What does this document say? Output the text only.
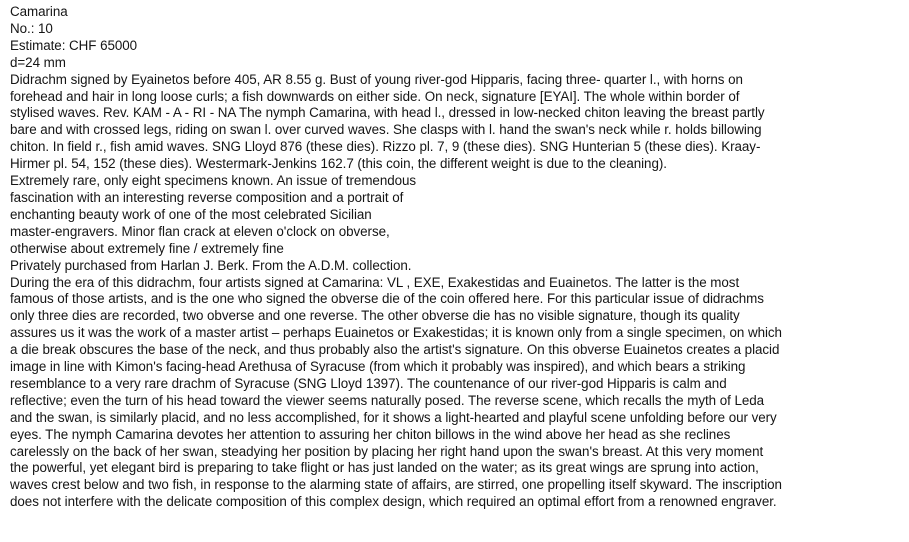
Camarina
No.: 10
Estimate: CHF 65000
d=24 mm
Didrachm signed by Eyainetos before 405, AR 8.55 g. Bust of young river-god Hipparis, facing three- quarter l., with horns on
forehead and hair in long loose curls; a fish downwards on either side. On neck, signature [EYAI]. The whole within border of
stylised waves. Rev. KAM - A - RI - NA The nymph Camarina, with head l., dressed in low-necked chiton leaving the breast partly
bare and with crossed legs, riding on swan l. over curved waves. She clasps with l. hand the swan's neck while r. holds billowing
chiton. In field r., fish amid waves. SNG Lloyd 876 (these dies). Rizzo pl. 7, 9 (these dies). SNG Hunterian 5 (these dies). Kraay-
Hirmer pl. 54, 152 (these dies). Westermark-Jenkins 162.7 (this coin, the different weight is due to the cleaning).
Extremely rare, only eight specimens known. An issue of tremendous
fascination with an interesting reverse composition and a portrait of
enchanting beauty work of one of the most celebrated Sicilian
master-engravers. Minor flan crack at eleven o'clock on obverse,
otherwise about extremely fine / extremely fine
Privately purchased from Harlan J. Berk. From the A.D.M. collection.
During the era of this didrachm, four artists signed at Camarina: VL , EXE, Exakestidas and Euainetos. The latter is the most
famous of those artists, and is the one who signed the obverse die of the coin offered here. For this particular issue of didrachms
only three dies are recorded, two obverse and one reverse. The other obverse die has no visible signature, though its quality
assures us it was the work of a master artist – perhaps Euainetos or Exakestidas; it is known only from a single specimen, on which
a die break obscures the base of the neck, and thus probably also the artist's signature. On this obverse Euainetos creates a placid
image in line with Kimon's facing-head Arethusa of Syracuse (from which it probably was inspired), and which bears a striking
resemblance to a very rare drachm of Syracuse (SNG Lloyd 1397). The countenance of our river-god Hipparis is calm and
reflective; even the turn of his head toward the viewer seems naturally posed. The reverse scene, which recalls the myth of Leda
and the swan, is similarly placid, and no less accomplished, for it shows a light-hearted and playful scene unfolding before our very
eyes. The nymph Camarina devotes her attention to assuring her chiton billows in the wind above her head as she reclines
carelessly on the back of her swan, steadying her position by placing her right hand upon the swan's breast. At this very moment
the powerful, yet elegant bird is preparing to take flight or has just landed on the water; as its great wings are sprung into action,
waves crest below and two fish, in response to the alarming state of affairs, are stirred, one propelling itself skyward. The inscription
does not interfere with the delicate composition of this complex design, which required an optimal effort from a renowned engraver.
